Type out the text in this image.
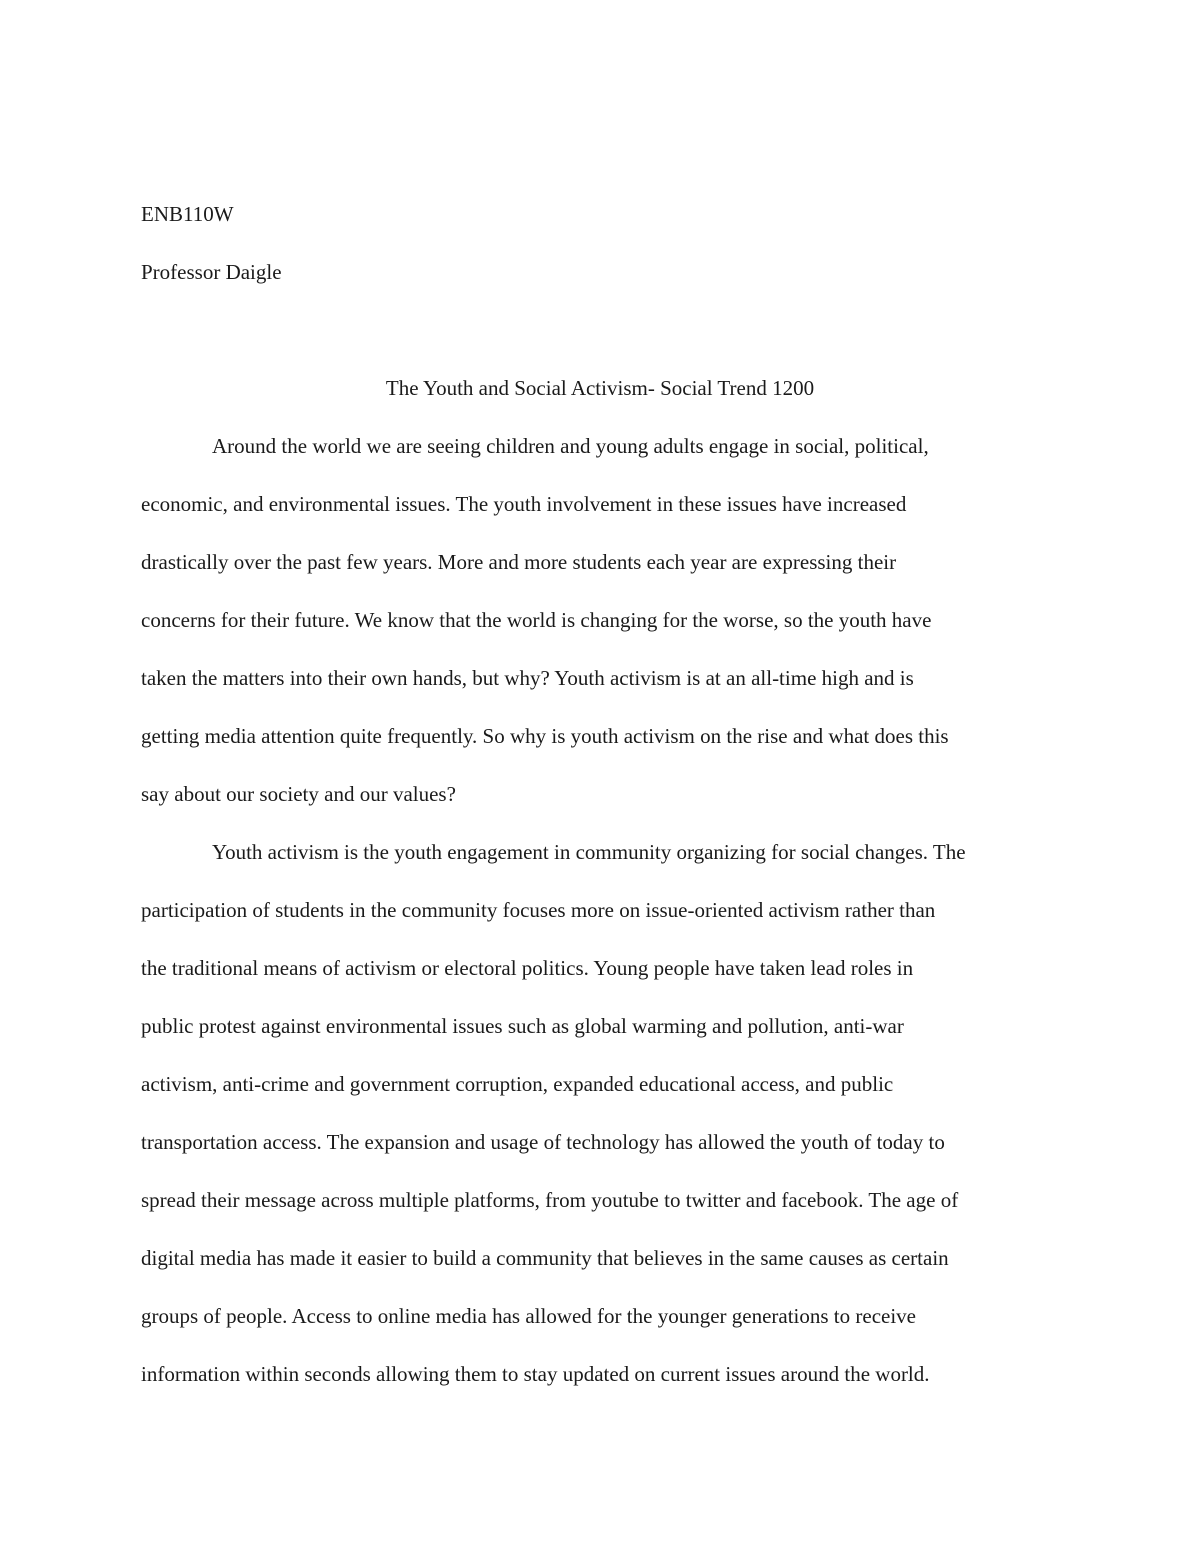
ENB110W
Professor Daigle
The Youth and Social Activism- Social Trend 1200
Around the world we are seeing children and young adults engage in social, political,
economic, and environmental issues. The youth involvement in these issues have increased
drastically over the past few years. More and more students each year are expressing their
concerns for their future. We know that the world is changing for the worse, so the youth have
taken the matters into their own hands, but why? Youth activism is at an all-time high and is
getting media attention quite frequently. So why is youth activism on the rise and what does this
say about our society and our values?
Youth activism is the youth engagement in community organizing for social changes. The
participation of students in the community focuses more on issue-oriented activism rather than
the traditional means of activism or electoral politics. Young people have taken lead roles in
public protest against environmental issues such as global warming and pollution, anti-war
activism, anti-crime and government corruption, expanded educational access, and public
transportation access. The expansion and usage of technology has allowed the youth of today to
spread their message across multiple platforms, from youtube to twitter and facebook. The age of
digital media has made it easier to build a community that believes in the same causes as certain
groups of people. Access to online media has allowed for the younger generations to receive
information within seconds allowing them to stay updated on current issues around the world.
